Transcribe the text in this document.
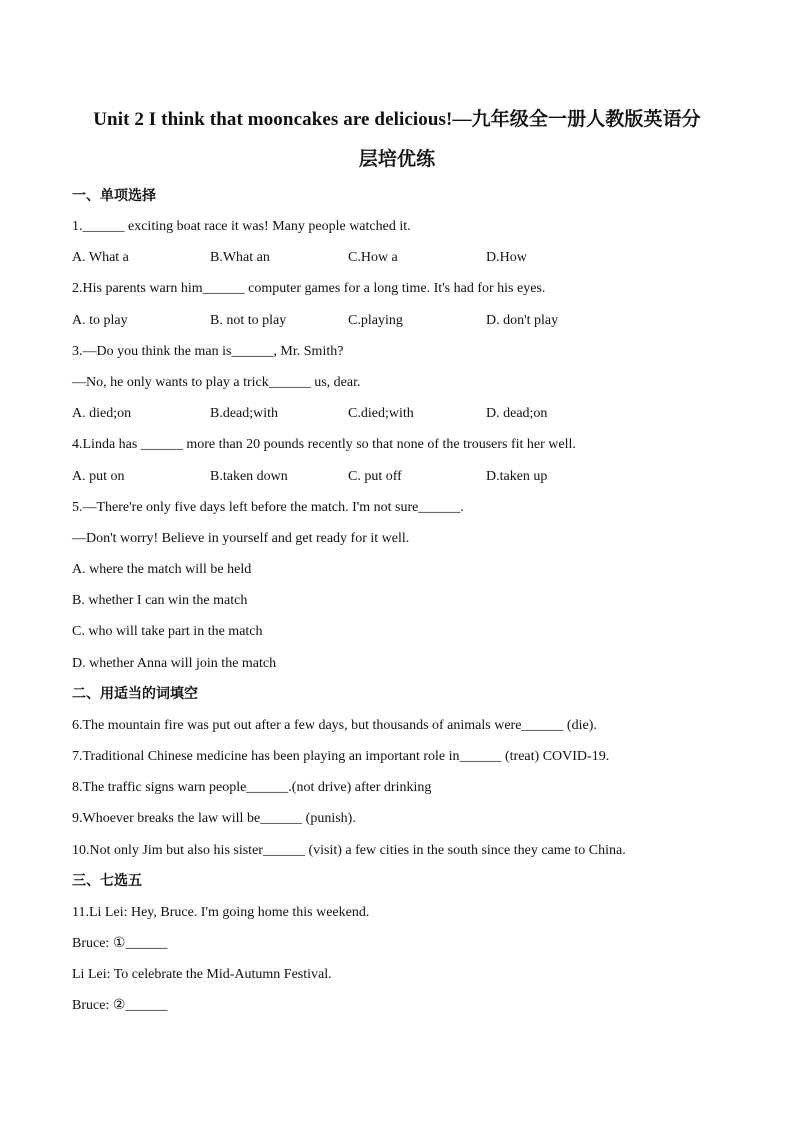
Unit 2 I think that mooncakes are delicious!—九年级全一册人教版英语分
层培优练
一、单项选择
1.______ exciting boat race it was! Many people watched it.
A. What a	B.What an	C.How a	D.How
2.His parents warn him______ computer games for a long time. It's had for his eyes.
A. to play	B. not to play	C.playing	D. don't play
3.—Do you think the man is______, Mr. Smith?
—No, he only wants to play a trick______ us, dear.
A. died;on	B.dead;with	C.died;with	D. dead;on
4.Linda has ______ more than 20 pounds recently so that none of the trousers fit her well.
A. put on	B.taken down	C. put off	D.taken up
5.—There're only five days left before the match. I'm not sure______.
—Don't worry! Believe in yourself and get ready for it well.
A. where the match will be held
B. whether I can win the match
C. who will take part in the match
D. whether Anna will join the match
二、用适当的词填空
6.The mountain fire was put out after a few days, but thousands of animals were______ (die).
7.Traditional Chinese medicine has been playing an important role in______ (treat) COVID-19.
8.The traffic signs warn people______.(not drive) after drinking
9.Whoever breaks the law will be______ (punish).
10.Not only Jim but also his sister______ (visit) a few cities in the south since they came to China.
三、七选五
11.Li Lei: Hey, Bruce. I'm going home this weekend.
Bruce: ①______
Li Lei: To celebrate the Mid-Autumn Festival.
Bruce: ②______
